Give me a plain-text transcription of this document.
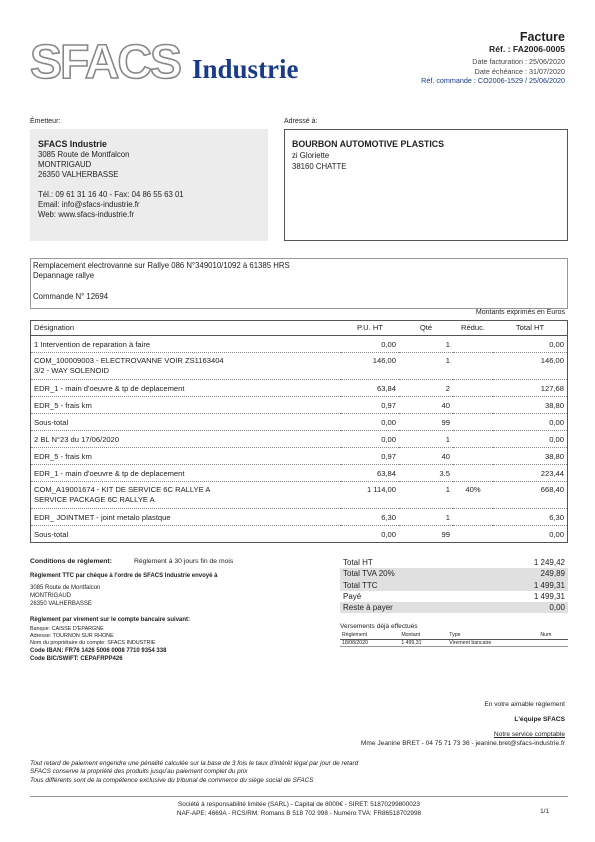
SFACS Industrie
Facture
Réf. : FA2006-0005
Date facturation : 25/06/2020
Date échéance : 31/07/2020
Réf. commande : CO2006-1529 / 25/06/2020
Émetteur:	Adressé à:
SFACS Industrie
3085 Route de Montfalcon
MONTRIGAUD
26350 VALHERBASSE
Tél.: 09 61 31 16 40 - Fax: 04 86 55 63 01
Email: info@sfacs-industrie.fr
Web: www.sfacs-industrie.fr
BOURBON AUTOMOTIVE PLASTICS
zi Gloriette
38160 CHATTE
Remplacement electrovanne sur Rallye 086 N°349010/1092 à 61385 HRS
Depannage rallye
Commande N° 12694
Montants exprimés en Euros
Désignation	P.U. HT	Qté	Réduc.	Total HT

1 Intervention de reparation à faire	0,00	1		0,00

COM_100009003 - ELECTROVANNE VOIR ZS1163404
3/2 - WAY SOLENOID	146,00	1		146,00

EDR_1 - main d'oeuvre & tp de deplacement	63,84	2		127,68

EDR_5 - frais km	0,97	40		38,80

Sous-total	0,00	99		0,00

2 BL N°23 du 17/06/2020	0,00	1		0,00

EDR_5 - frais km	0,97	40		38,80

EDR_1 - main d'oeuvre & tp de deplacement	63,84	3.5		223,44

COM_A19001674 - KIT DE SERVICE 6C RALLYE A
SERVICE PACKAGE 6C RALLYE A	1 114,00	1	40%	668,40

EDR_ JOINTMET - joint metalo plastque	6,30	1		6,30

Sous-total	0,00	99		0,00
Conditions de règlement:	Règlement à 30 jours fin de mois
Règlement TTC par chèque à l'ordre de SFACS Industrie envoyé à
3085 Route de Montfalcon
MONTRIGAUD
26350 VALHERBASSE
Règlement par virement sur le compte bancaire suivant:
Banque: CAISSE D'EPARGNE
Adresse: TOURNON SUR RHONE
Nom du propriétaire du compte: SFACS INDUSTRIE
Code IBAN: FR76 1426 5006 0008 7710 9354 338
Code BIC/SWIFT: CEPAFRPP426
Total HT	1 249,42
Total TVA 20%	249,89
Total TTC	1 499,31
Payé	1 499,31
Reste à payer	0,00
Versements déjà effectués
Règlement	Montant	Type	Num
18/08/2020	1 499,31	Virement bancaire	
En votre aimable règlement
L'équipe SFACS
Notre service comptable
Mme Jeanine BRET - 04 75 71 73 36 - jeanine.bret@sfacs-industrie.fr
Tout retard de paiement engendre une pénalité calculée sur la base de 3 fois le taux d'intérêt légal par jour de retard
SFACS conserve la propriété des produits jusqu'au paiement complet du prix
Tous différents sont de la compétence exclusive du tribunal de commerce du siège social de SFACS
Société à responsabilité limitée (SARL) - Capital de 8000€ - SIRET: 51870299800023
NAF-APE: 4669A - RCS/RM: Romans B 518 702 998 - Numéro TVA: FR86518702998	1/1
